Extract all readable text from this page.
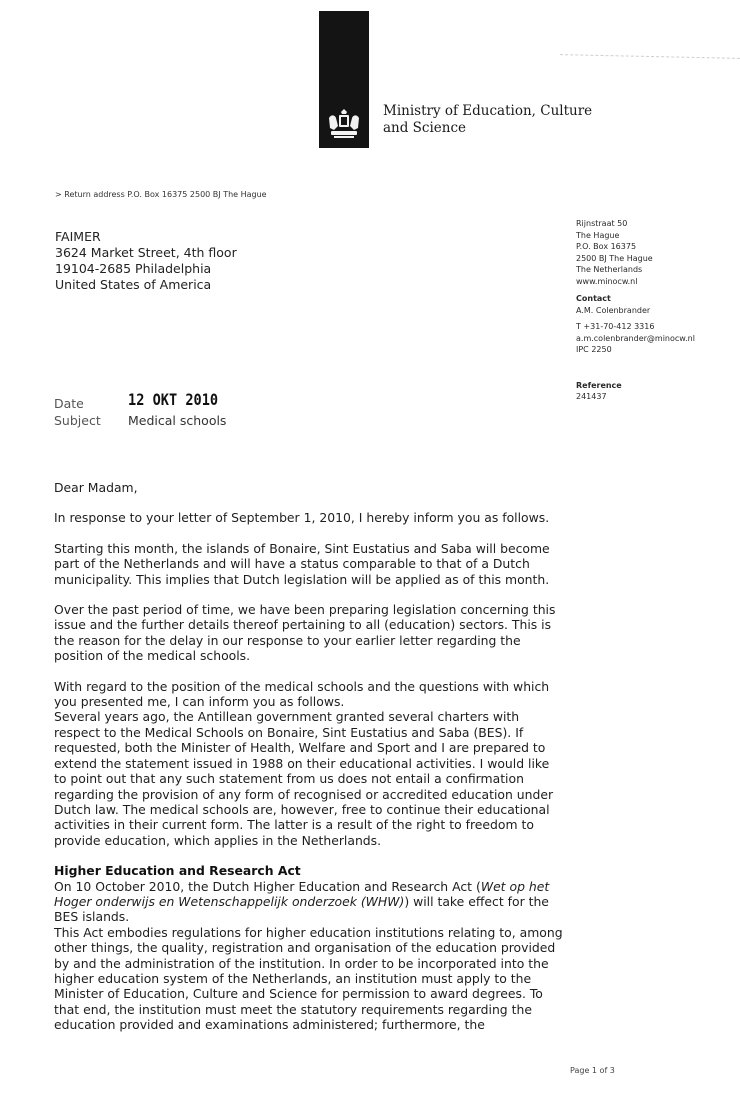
Ministry of Education, Culture and Science
> Return address P.O. Box 16375 2500 BJ The Hague
FAIMER
3624 Market Street, 4th floor
19104-2685 Philadelphia
United States of America
Rijnstraat 50
The Hague
P.O. Box 16375
2500 BJ The Hague
The Netherlands
www.minocw.nl
Contact
A.M. Colenbrander
T +31-70-412 3316
a.m.colenbrander@minocw.nl
IPC 2250
Reference
241437
Date	12 OKT 2010
Subject	Medical schools

Dear Madam,

In response to your letter of September 1, 2010, I hereby inform you as follows.

Starting this month, the islands of Bonaire, Sint Eustatius and Saba will become part of the Netherlands and will have a status comparable to that of a Dutch municipality. This implies that Dutch legislation will be applied as of this month.

Over the past period of time, we have been preparing legislation concerning this issue and the further details thereof pertaining to all (education) sectors. This is the reason for the delay in our response to your earlier letter regarding the position of the medical schools.

With regard to the position of the medical schools and the questions with which you presented me, I can inform you as follows.

Several years ago, the Antillean government granted several charters with respect to the Medical Schools on Bonaire, Sint Eustatius and Saba (BES). If requested, both the Minister of Health, Welfare and Sport and I are prepared to extend the statement issued in 1988 on their educational activities. I would like to point out that any such statement from us does not entail a confirmation regarding the provision of any form of recognised or accredited education under Dutch law. The medical schools are, however, free to continue their educational activities in their current form. The latter is a result of the right to freedom to provide education, which applies in the Netherlands.

Higher Education and Research Act

On 10 October 2010, the Dutch Higher Education and Research Act (Wet op het Hoger onderwijs en Wetenschappelijk onderzoek (WHW)) will take effect for the BES islands.

This Act embodies regulations for higher education institutions relating to, among other things, the quality, registration and organisation of the education provided by and the administration of the institution. In order to be incorporated into the higher education system of the Netherlands, an institution must apply to the Minister of Education, Culture and Science for permission to award degrees. To that end, the institution must meet the statutory requirements regarding the education provided and examinations administered; furthermore, the

Page 1 of 3
